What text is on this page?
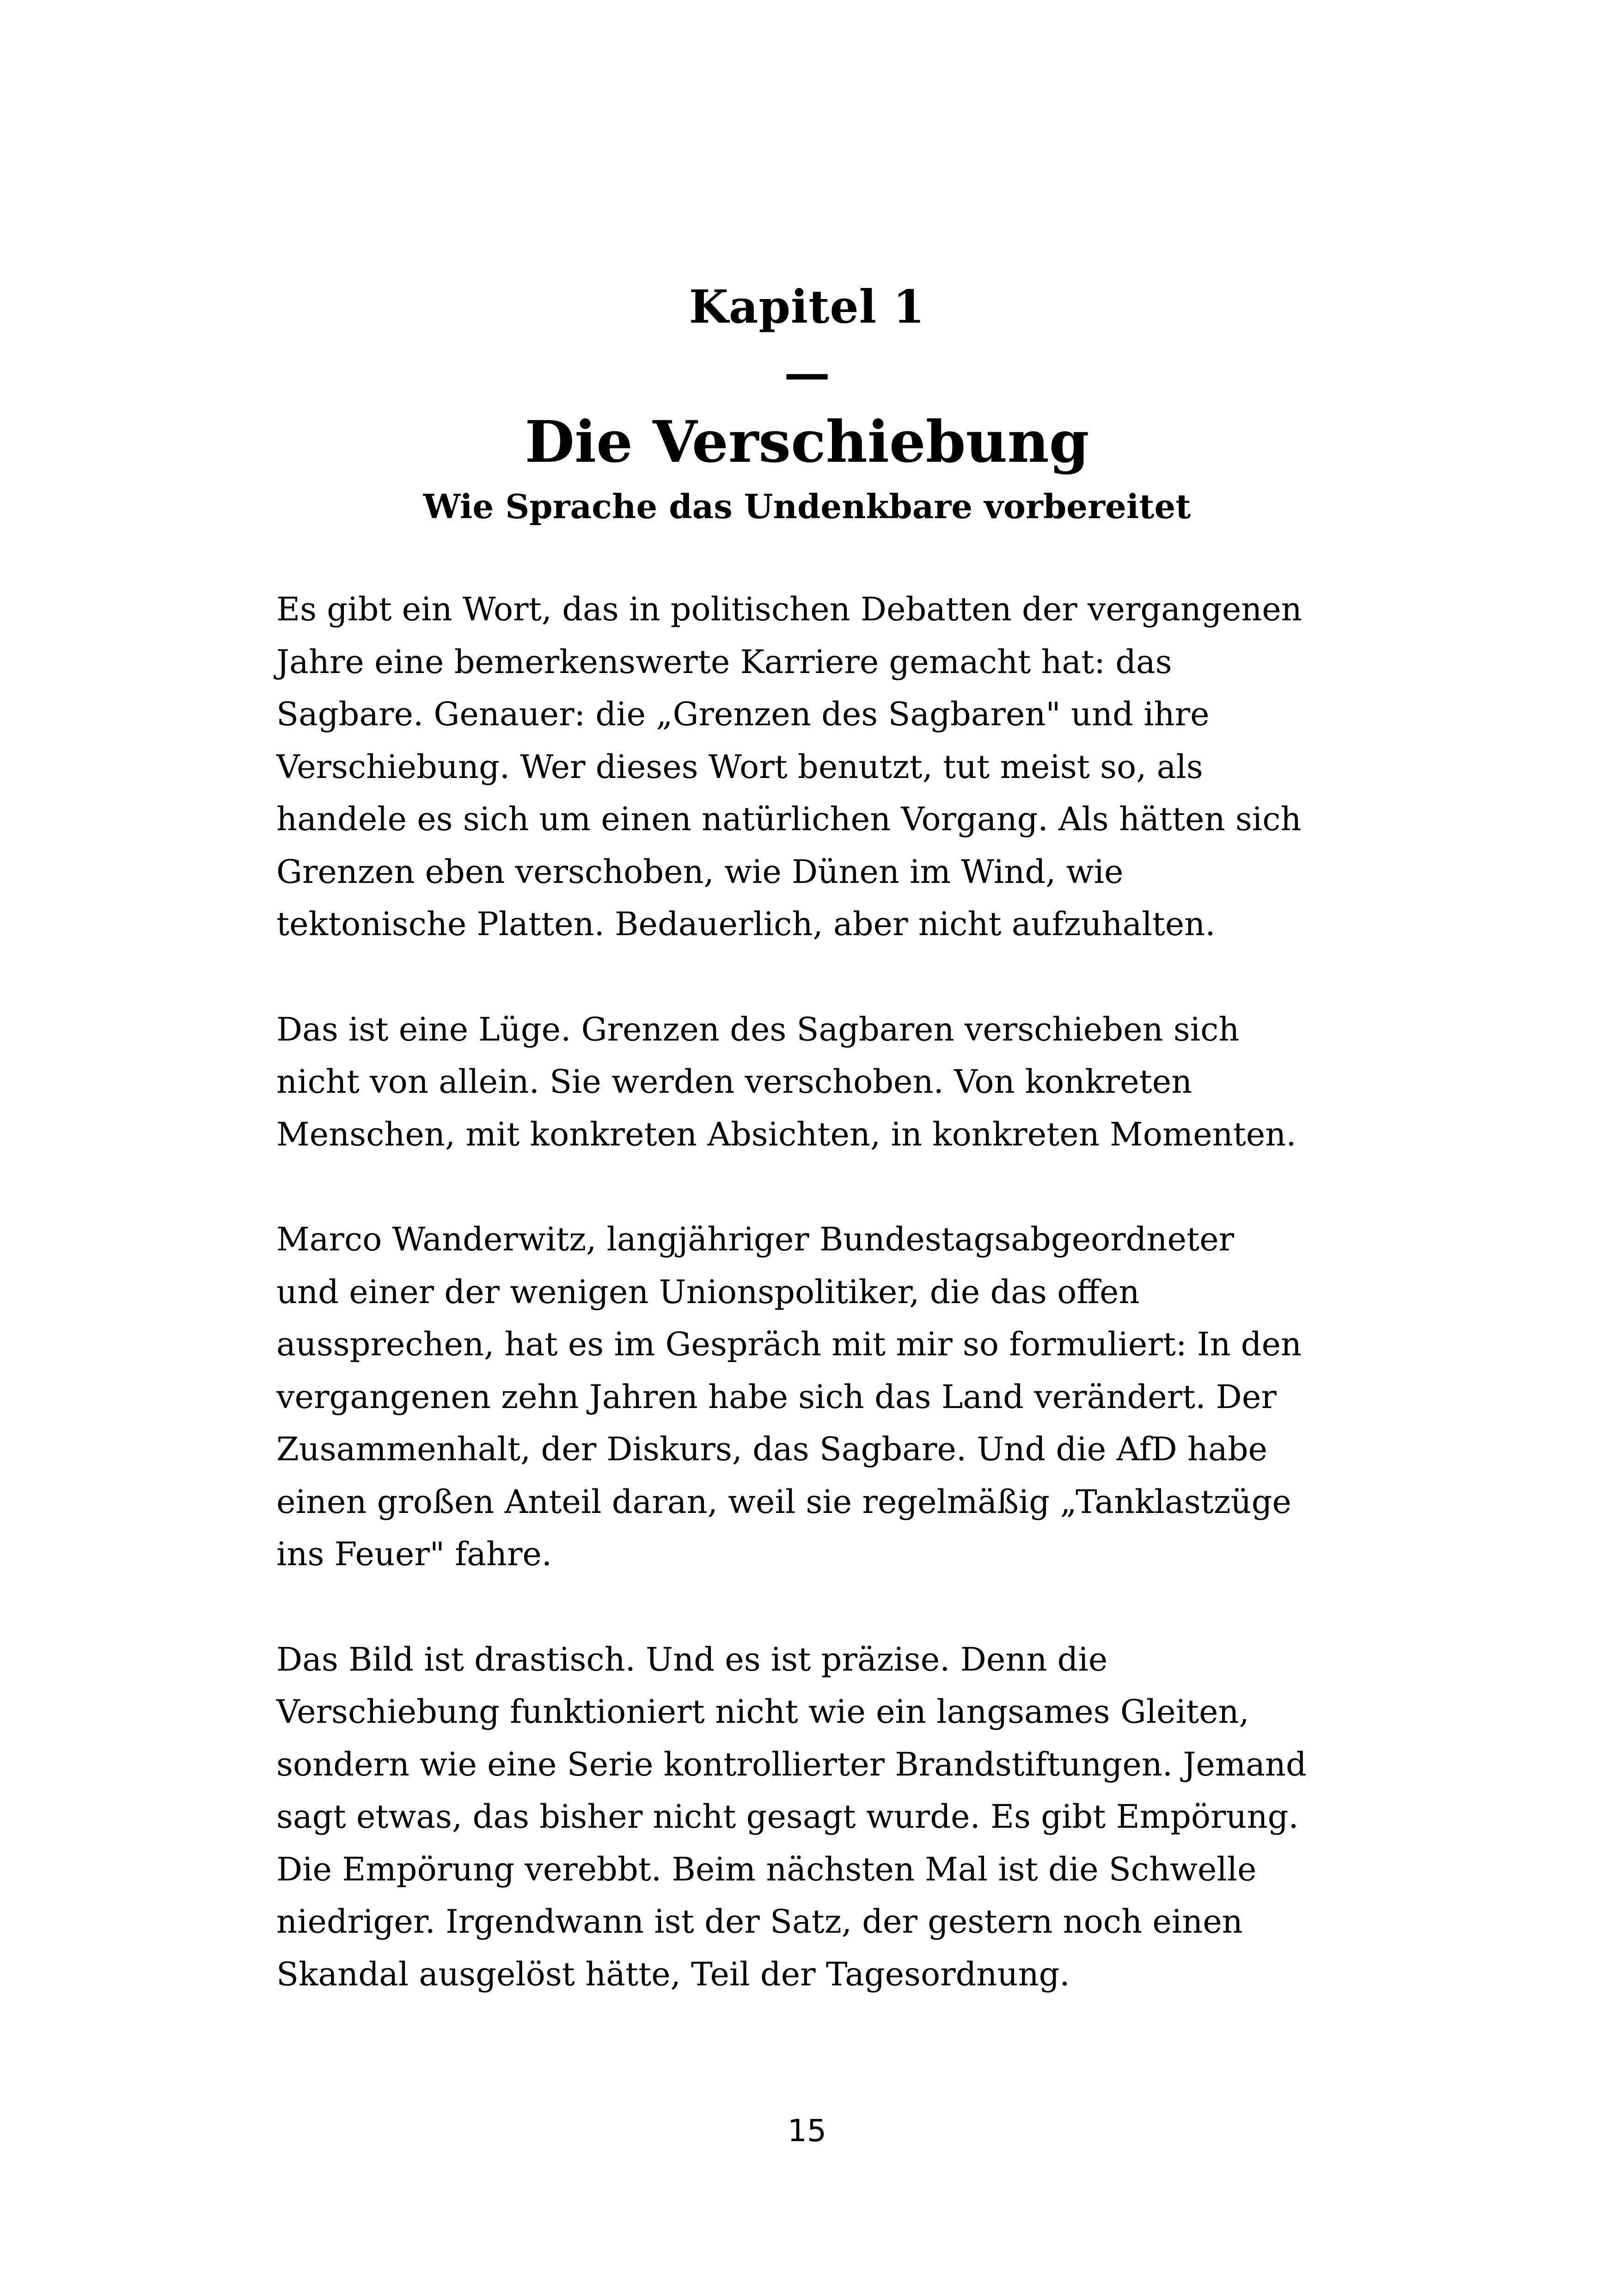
Kapitel 1
—
Die Verschiebung
Wie Sprache das Undenkbare vorbereitet

Es gibt ein Wort, das in politischen Debatten der vergangenen
Jahre eine bemerkenswerte Karriere gemacht hat: das
Sagbare. Genauer: die „Grenzen des Sagbaren" und ihre
Verschiebung. Wer dieses Wort benutzt, tut meist so, als
handele es sich um einen natürlichen Vorgang. Als hätten sich
Grenzen eben verschoben, wie Dünen im Wind, wie
tektonische Platten. Bedauerlich, aber nicht aufzuhalten.

Das ist eine Lüge. Grenzen des Sagbaren verschieben sich
nicht von allein. Sie werden verschoben. Von konkreten
Menschen, mit konkreten Absichten, in konkreten Momenten.

Marco Wanderwitz, langjähriger Bundestagsabgeordneter
und einer der wenigen Unionspolitiker, die das offen
aussprechen, hat es im Gespräch mit mir so formuliert: In den
vergangenen zehn Jahren habe sich das Land verändert. Der
Zusammenhalt, der Diskurs, das Sagbare. Und die AfD habe
einen großen Anteil daran, weil sie regelmäßig „Tanklastzüge
ins Feuer" fahre.

Das Bild ist drastisch. Und es ist präzise. Denn die
Verschiebung funktioniert nicht wie ein langsames Gleiten,
sondern wie eine Serie kontrollierter Brandstiftungen. Jemand
sagt etwas, das bisher nicht gesagt wurde. Es gibt Empörung.
Die Empörung verebbt. Beim nächsten Mal ist die Schwelle
niedriger. Irgendwann ist der Satz, der gestern noch einen
Skandal ausgelöst hätte, Teil der Tagesordnung.

15
